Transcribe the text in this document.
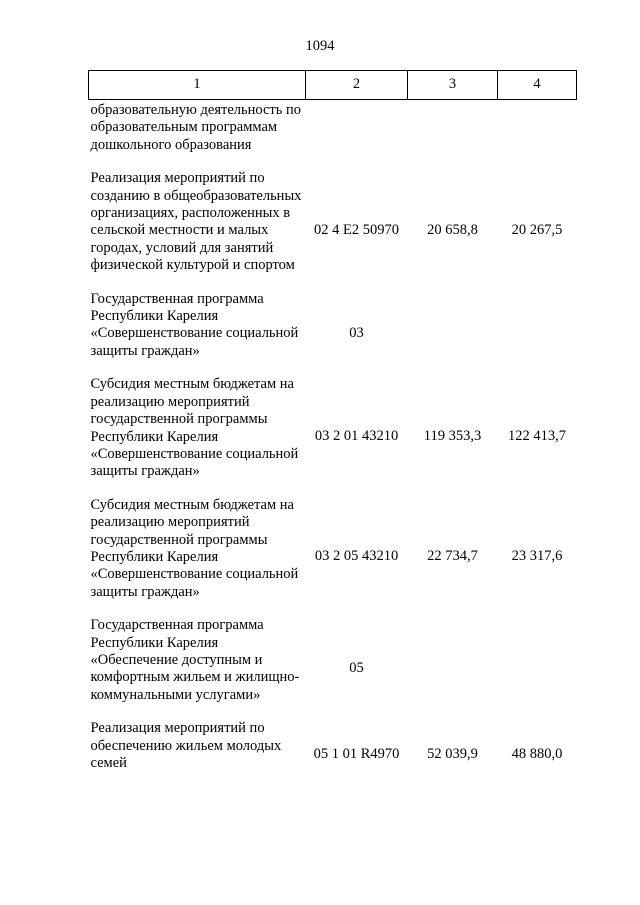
1094
1	2	3	4
образовательную деятельность по образовательным программам дошкольного образования			
Реализация мероприятий по созданию в общеобразовательных организациях, расположенных в сельской местности и малых городах, условий для занятий физической культурой и спортом	02 4 Е2 50970	20 658,8	20 267,5
Государственная программа Республики Карелия «Совершенствование социальной защиты граждан»	03		
Субсидия местным бюджетам на реализацию мероприятий государственной программы Республики Карелия «Совершенствование социальной защиты граждан»	03 2 01 43210	119 353,3	122 413,7
Субсидия местным бюджетам на реализацию мероприятий государственной программы Республики Карелия «Совершенствование социальной защиты граждан»	03 2 05 43210	22 734,7	23 317,6
Государственная программа Республики Карелия «Обеспечение доступным и комфортным жильем и жилищно-коммунальными услугами»	05		
Реализация мероприятий по обеспечению жильем молодых семей	05 1 01 R4970	52 039,9	48 880,0
